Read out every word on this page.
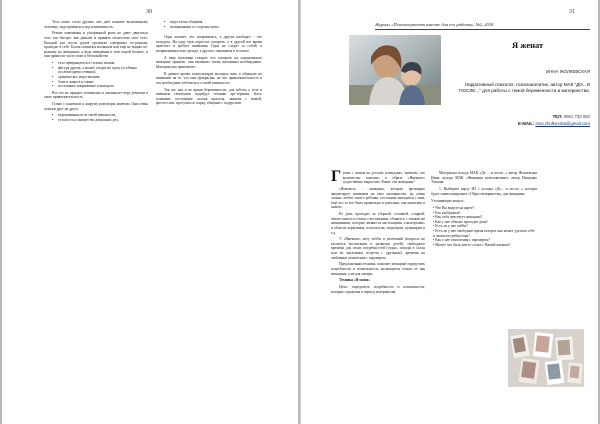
30

Тело опять стало другим, оно даёт понятие включенному человеку, подстраиваться под изменчивость.

Резкие изменения и ускоренный ритм не дают двигаться тело так быстро, как раньше и принять полностью свое тело. Каждый раз после родов организм совершено по-разному проходит в себе. Багаж появился малышом или ещё не видны по-разному на женщинах, а ведь изменения в теле порой больше, и они приносят часто тоже и беспокойство

• тело превращается в сплошь можно;
• фигура другая, а может уходит не сразу (особенно послекесарева сечения);
• хроническое недосыпание;
• боли в животе в спине;
• постоянное напряжение и контроль.

Все это не придает оптимизма и уменьшает веру девушки в свою привлекательность.

Гуляю с сыночком я снаружу разговоры замечаю. Они очень похожи друг на друга:

• переживания из-за своей внешности,
• усталость и множество домашних дел,
• недостаток общения,
• непонимания со стороны мужа.

Одна шепнет, что поправилась, а другая наоборот - что похудела. На одну муж перестал смотреть, а в другой все время пристает и требует внимания. Одна не следит за собой, в неприязненностью одежде, а другая с макияжем и в платье.

А ведь мужчины говорят, что смотреть на хорошенькую женщину приятно, она вызывает очень желанным вообщедавно. Материнство привлекает.

В данное время, консультируя молодых мам, я обращаю их внимание на то, что они прекрасны, но что привлекательность и что необходимо заботиться о своей внешности.

Так же, как и во время беременности, для заботы о теле и внешнем самочувии подойдут техники арт-терапии, йога, плавание, посещение салона красоты, занятия с мамой, фотосессии, прогулки по парку, общение с подругами.

31
Журнал «Психотерапевт вместе для его работы» №2, 2018
Я женат
ИННА ЖОЛКЕВСКАЯ
Нарративный психолог, психоаналитик, автор МАК "ДО...И ПОСЛЕ..." для работы с темой беременности и материнства.
ТЕЛ: 0961 733 082
E-MAIL: inna.zholkevska@gmail.com

Гуляю с сыном на детских площадках, замечаю, что количество замечаю, в образе «Ямемать» существенно вырастает. Какие эти женщины?

«Ямемать» - женщина, которая чрезмерно акцентирует внимание на свое материнство, ну очень сильно любит своего ребенка, постоянно находится с ним, ещё что то все было правильно и идеально, как написано в книгах.

Ее день проходит за уборкой, готовкой, стиркой; читает книги и статьи о воспитании, общается с такими же женщинами, которые являются настоящими «экспертами» в области кормления, психологии, педиатрии, кулинарии и т.д.

У «Ямемать» нету хобби и увлечений (вопросы не касаются воспитания и развития детей), свободного времени для своих потребностей (отдых, походы в салон или по магазинам, встречи с друзьями), времени на любовные отношения с партнером.

Предложенная техника, поможет женщине определить потребности и возможности, касающиеся только ее как женщины, а не как матери.

Техника «Я-мама»

Цель: определить потребности и возможности, которые отражены в период материнства.

Материалы колода МАК «До ... и после...» автор Жолкевская Инна, колода МАК «Женщина нечеловечные» автор Пыщенко Татьяна.

1. Выберите карту ИЗ с колоды «До... и после...» которая будет символизировать «Образ материнства» для женщины.

Уточняющие вопрос:

• Что Вы видите на карте?
• Кто изображен?
• Как себя чувствует женщина?
• Как у нее обычно проходит день?
• Есть ли у нее хобби?
• Есть ли у нее свободное время которое она может уделить себе и своим потребностям?
• Как у нее отношения с партнером?
• Может что быть как-то схоже с Вашей жизнью?
